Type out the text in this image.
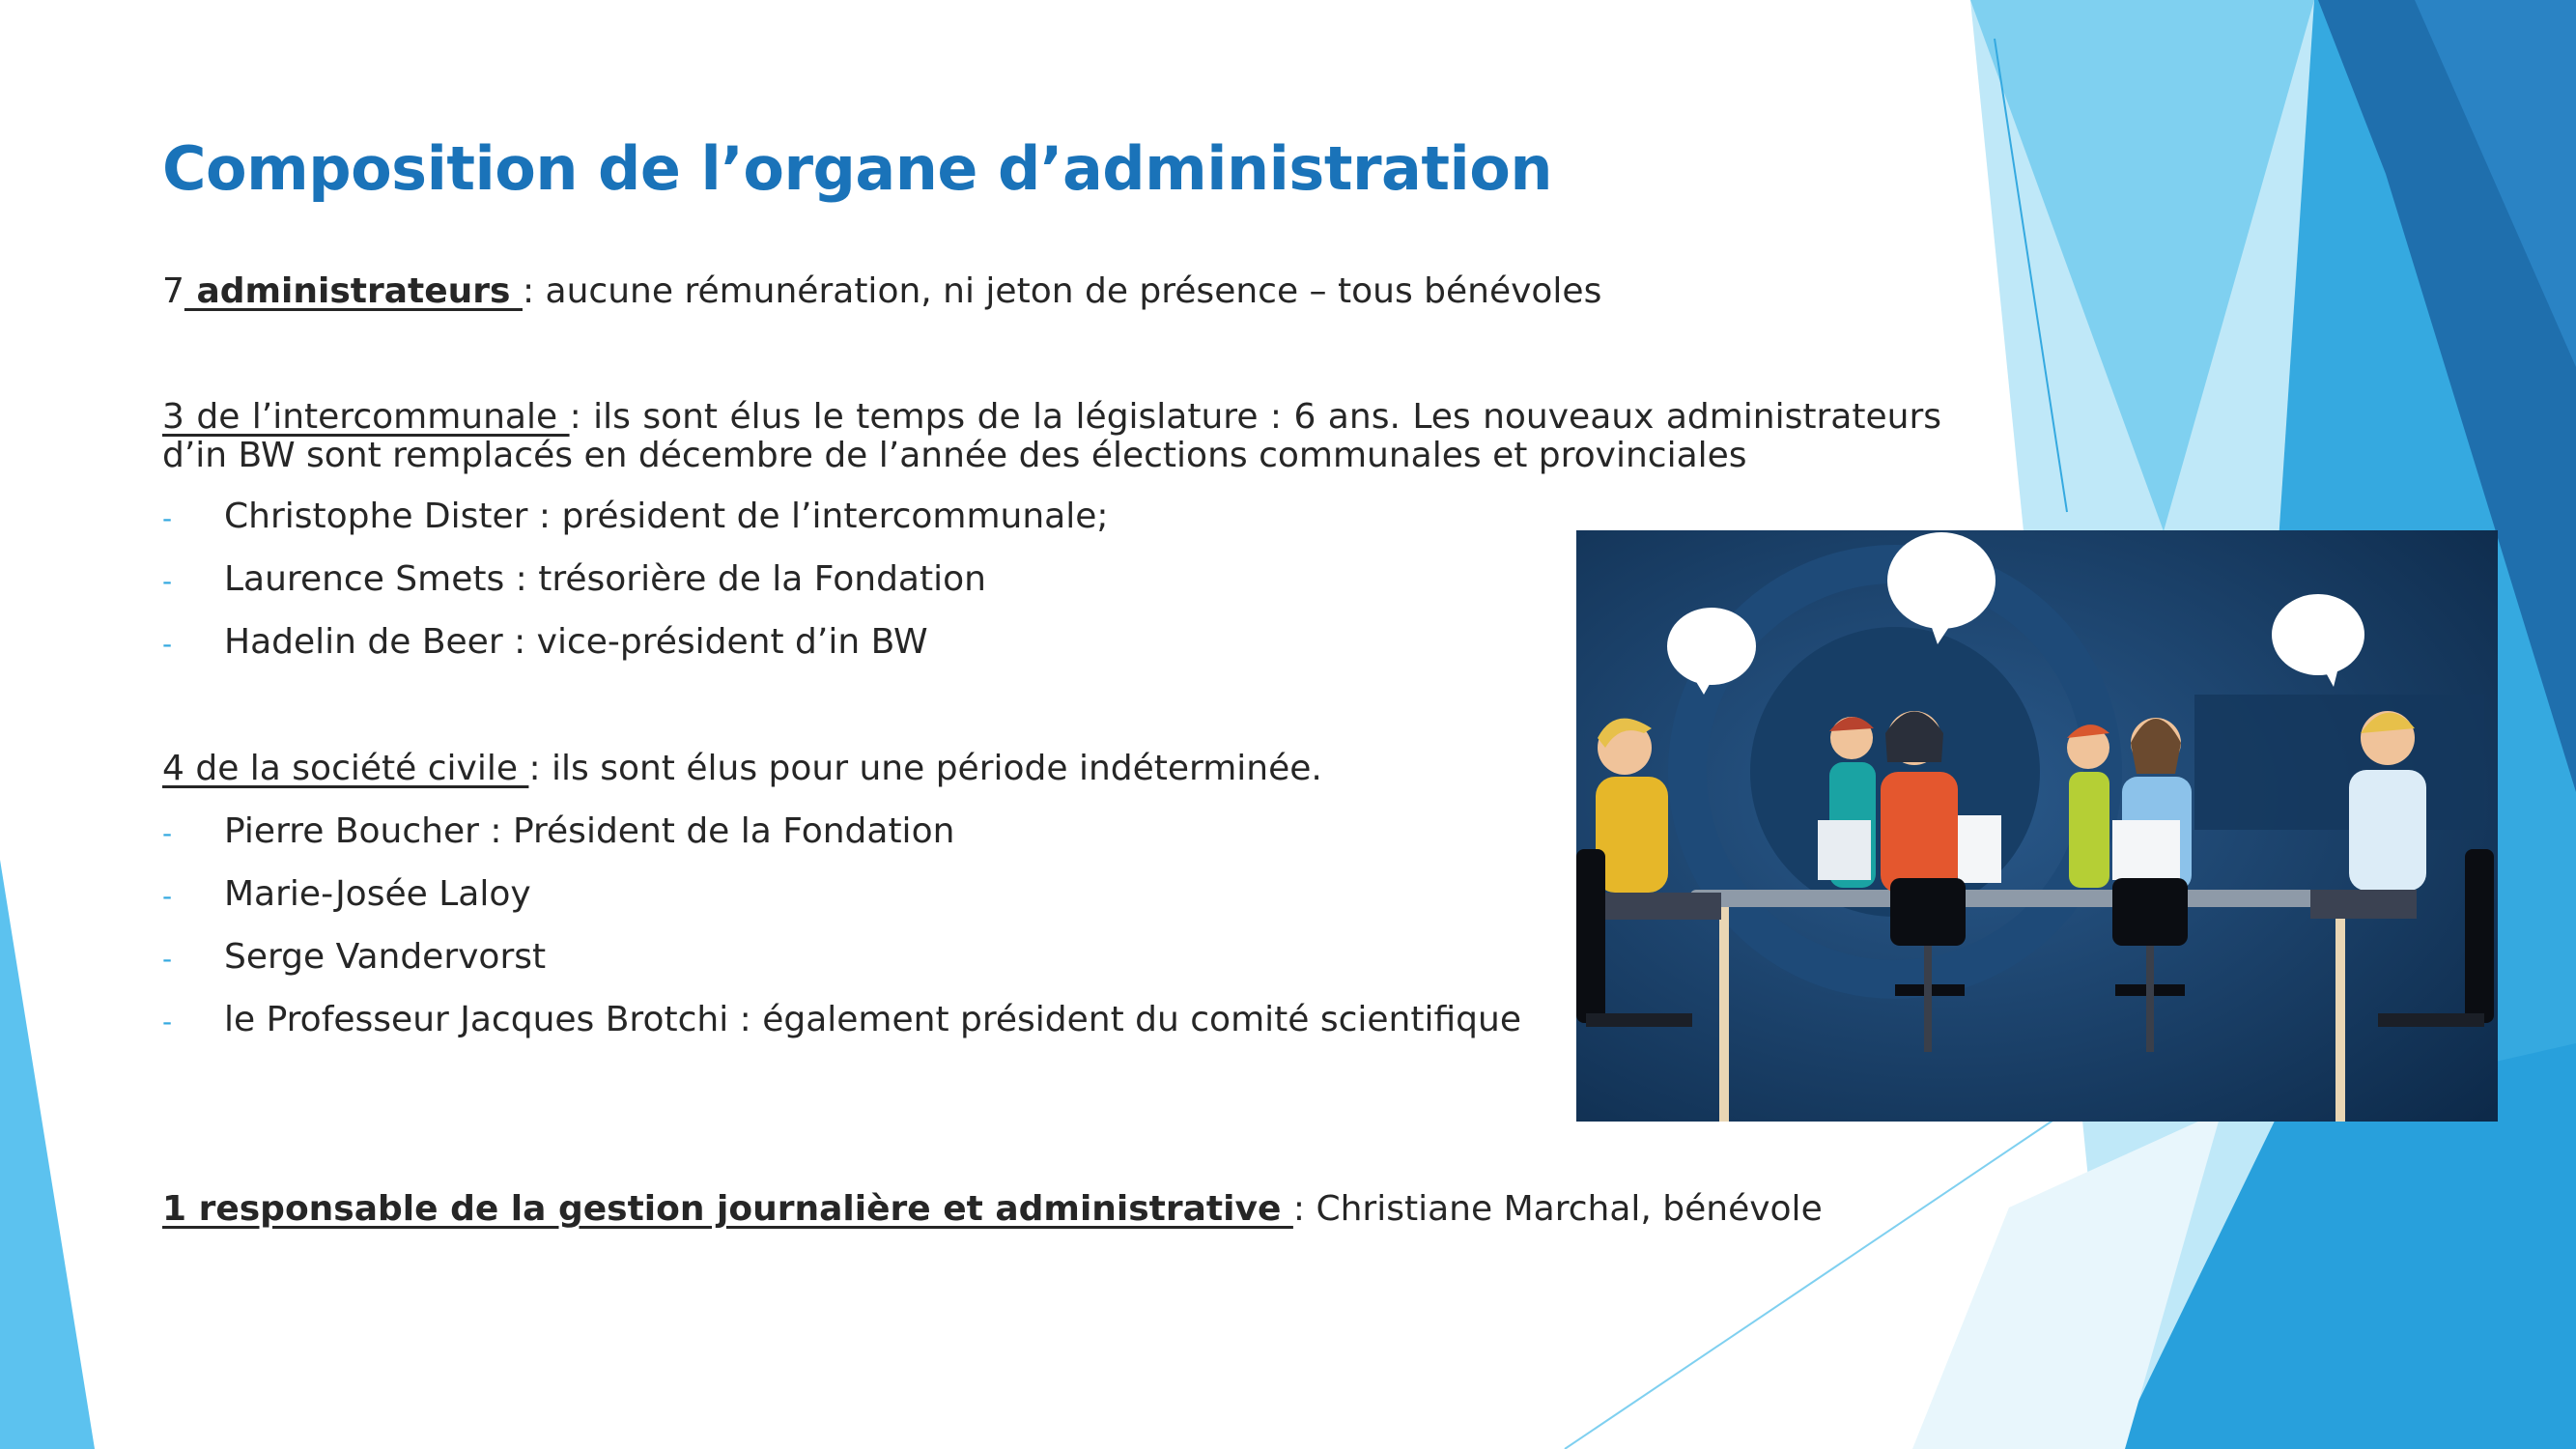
Composition de l’organe d’administration
7 administrateurs : aucune rémunération, ni jeton de présence – tous bénévoles
3 de l’intercommunale : ils sont élus le temps de la législature : 6 ans. Les nouveaux administrateurs d’in BW sont remplacés en décembre de l’année des élections communales et provinciales
- Christophe Dister : président de l’intercommunale;
- Laurence Smets : trésorière de la Fondation
- Hadelin de Beer : vice-président d’in BW
4 de la société civile : ils sont élus pour une période indéterminée.
- Pierre Boucher : Président de la Fondation
- Marie-Josée Laloy
- Serge Vandervorst
- le Professeur Jacques Brotchi : également président du comité scientifique
1 responsable de la gestion journalière et administrative : Christiane Marchal, bénévole
